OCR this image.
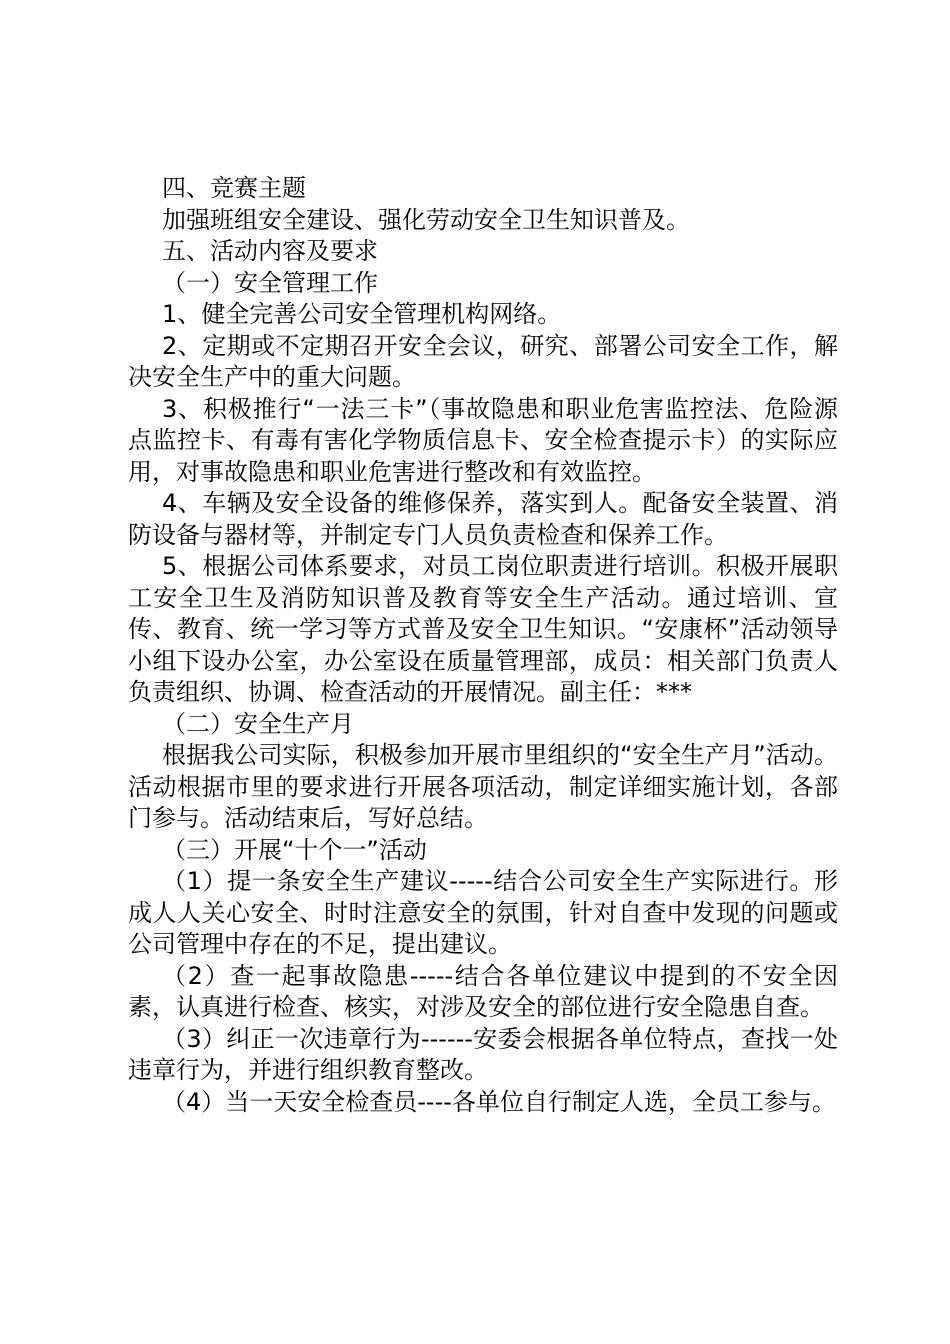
四、竞赛主题

加强班组安全建设、强化劳动安全卫生知识普及。

五、活动内容及要求

（一）安全管理工作

1、健全完善公司安全管理机构网络。

2、定期或不定期召开安全会议，研究、部署公司安全工作，解决安全生产中的重大问题。

3、积极推行“一法三卡”（事故隐患和职业危害监控法、危险源点监控卡、有毒有害化学物质信息卡、安全检查提示卡）的实际应用，对事故隐患和职业危害进行整改和有效监控。

4、车辆及安全设备的维修保养，落实到人。配备安全装置、消防设备与器材等，并制定专门人员负责检查和保养工作。

5、根据公司体系要求，对员工岗位职责进行培训。积极开展职工安全卫生及消防知识普及教育等安全生产活动。通过培训、宣传、教育、统一学习等方式普及安全卫生知识。“安康杯”活动领导小组下设办公室，办公室设在质量管理部，成员：相关部门负责人负责组织、协调、检查活动的开展情况。副主任：***

（二）安全生产月

根据我公司实际，积极参加开展市里组织的“安全生产月”活动。活动根据市里的要求进行开展各项活动，制定详细实施计划，各部门参与。活动结束后，写好总结。

（三）开展“十个一”活动

（1）提一条安全生产建议-----结合公司安全生产实际进行。形成人人关心安全、时时注意安全的氛围，针对自查中发现的问题或公司管理中存在的不足，提出建议。

（2）查一起事故隐患-----结合各单位建议中提到的不安全因素，认真进行检查、核实，对涉及安全的部位进行安全隐患自查。

（3）纠正一次违章行为------安委会根据各单位特点，查找一处违章行为，并进行组织教育整改。

（4）当一天安全检查员----各单位自行制定人选，全员工参与。
